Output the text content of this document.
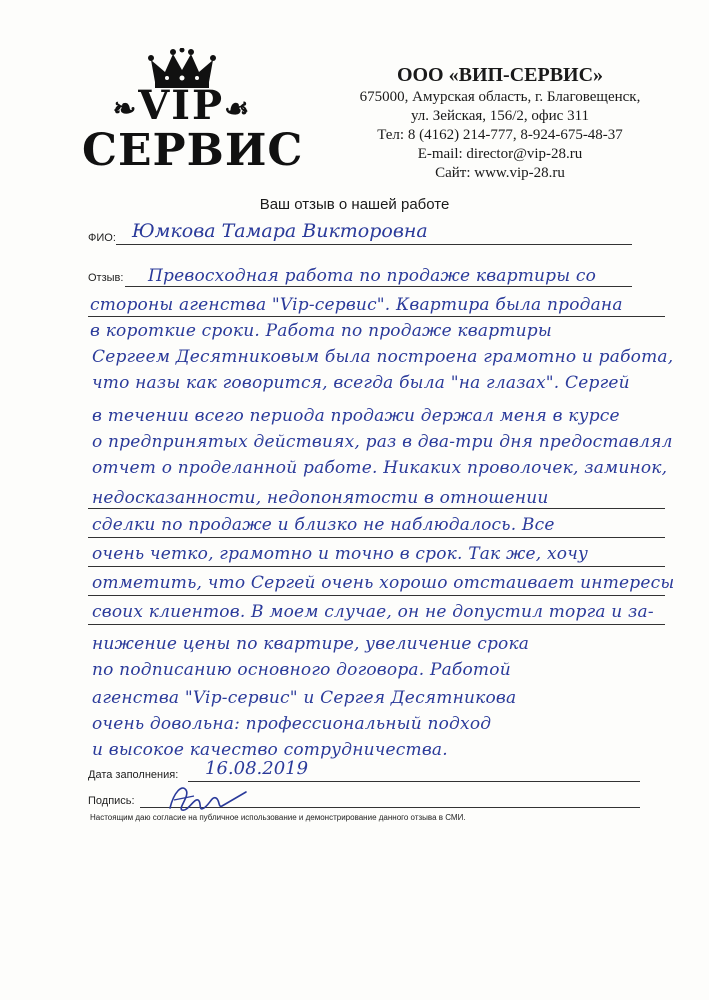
❧VIP☙
СЕРВИС
ООО «ВИП-СЕРВИС»
675000, Амурская область, г. Благовещенск,
ул. Зейская, 156/2, офис 311
Тел: 8 (4162) 214-777, 8-924-675-48-37
E-mail: director@vip-28.ru
Сайт: www.vip-28.ru
Ваш отзыв о нашей работе
ФИО: Юмкова Тамара Викторовна
Отзыв: Превосходная работа по продаже квартиры со
стороны агенства "Vip-сервис". Квартира была продана
в короткие сроки. Работа по продаже квартиры
Сергеем Десятниковым была построена грамотно и работа,
что назы как говорится, всегда была "на глазах". Сергей
в течении всего периода продажи держал меня в курсе
о предпринятых действиях, раз в два-три дня предоставлял
отчет о проделанной работе. Никаких проволочек, заминок,
недосказанности, недопонятости в отношении
сделки по продаже и близко не наблюдалось. Все
очень четко, грамотно и точно в срок. Так же, хочу
отметить, что Сергей очень хорошо отстаивает интересы
своих клиентов. В моем случае, он не допустил торга и за-
нижение цены по квартире, увеличение срока
по подписанию основного договора. Работой
агенства "Vip-сервис" и Сергея Десятникова
очень довольна: профессиональный подход
и высокое качество сотрудничества.
Дата заполнения: 16.08.2019
Подпись:
Настоящим даю согласие на публичное использование и демонстрирование данного отзыва в СМИ.
